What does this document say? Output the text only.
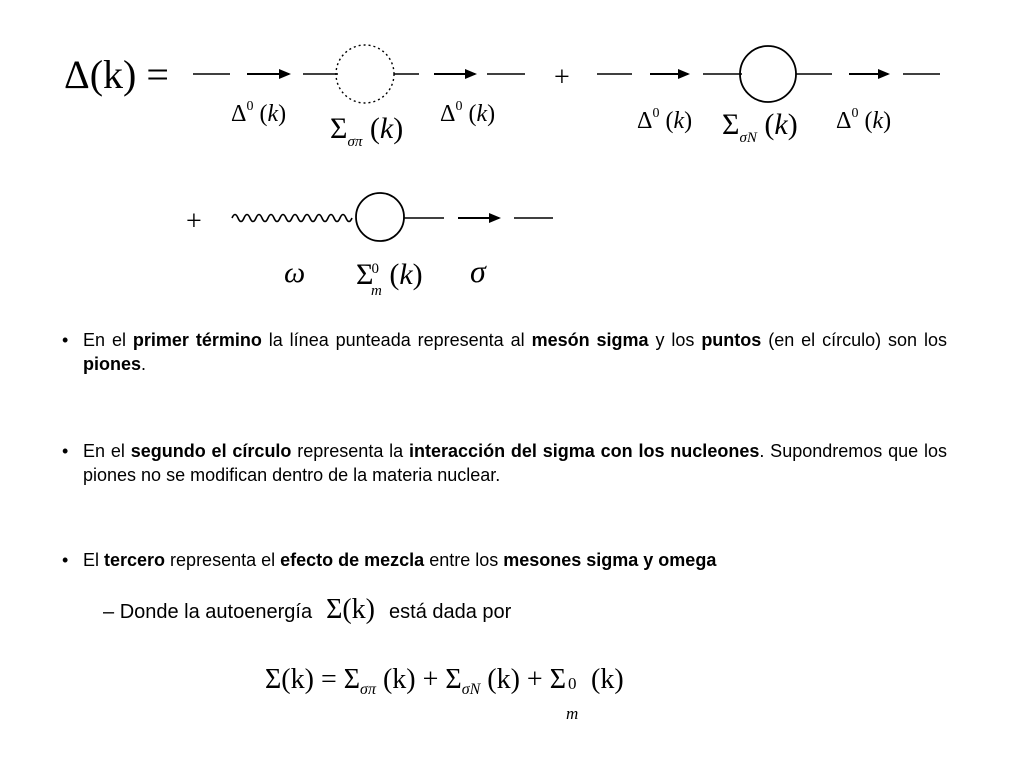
Δ(k) =
$\Delta^0$ (k) $\Sigma_{\sigma\pi}$ (k) $\Delta^0$ (k)
+
$\Delta^0$ (k) $\Sigma_{\sigma N}$ (k) $\Delta^0$ (k)
+
ω Σ0 m (k) σ
• En el primer término la línea punteada representa al mesón sigma y los puntos (en el círculo) son los piones.
• En el segundo el círculo representa la interacción del sigma con los nucleones. Supondremos que los piones no se modifican dentro de la materia nuclear.
• El tercero representa el efecto de mezcla entre los mesones sigma y omega
– Donde la autoenergía Σ(k) está dada por
$\Sigma(k) = \Sigma_{\sigma\pi}$ $(k) + \Sigma_{\sigma N}$ (k) + Σ 0
m
(k)
